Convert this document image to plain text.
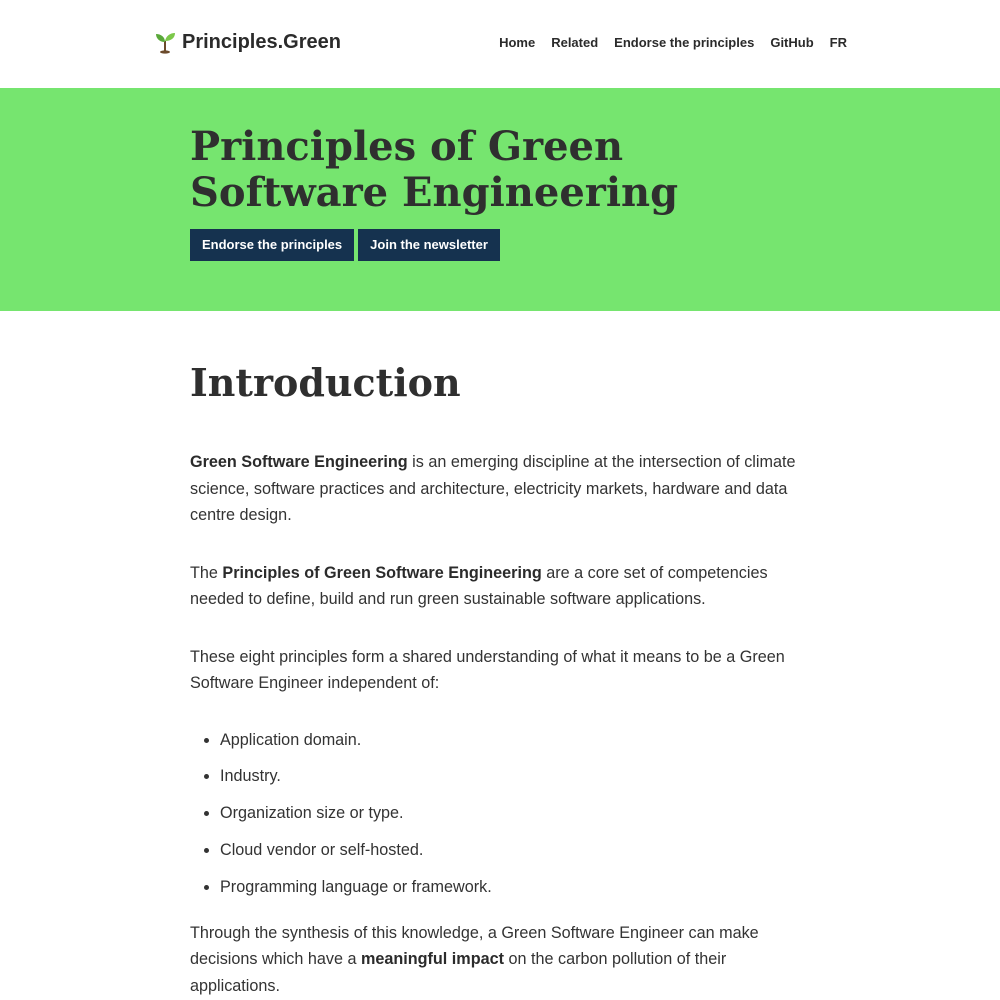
Principles.Green	Home Related Endorse the principles GitHub FR
Principles of Green Software Engineering
Endorse the principles	Join the newsletter
Introduction

Green Software Engineering is an emerging discipline at the intersection of climate science, software practices and architecture, electricity markets, hardware and data centre design.

The Principles of Green Software Engineering are a core set of competencies needed to define, build and run green sustainable software applications.

These eight principles form a shared understanding of what it means to be a Green Software Engineer independent of:

• Application domain.
• Industry.
• Organization size or type.
• Cloud vendor or self-hosted.
• Programming language or framework.

Through the synthesis of this knowledge, a Green Software Engineer can make decisions which have a meaningful impact on the carbon pollution of their applications.
